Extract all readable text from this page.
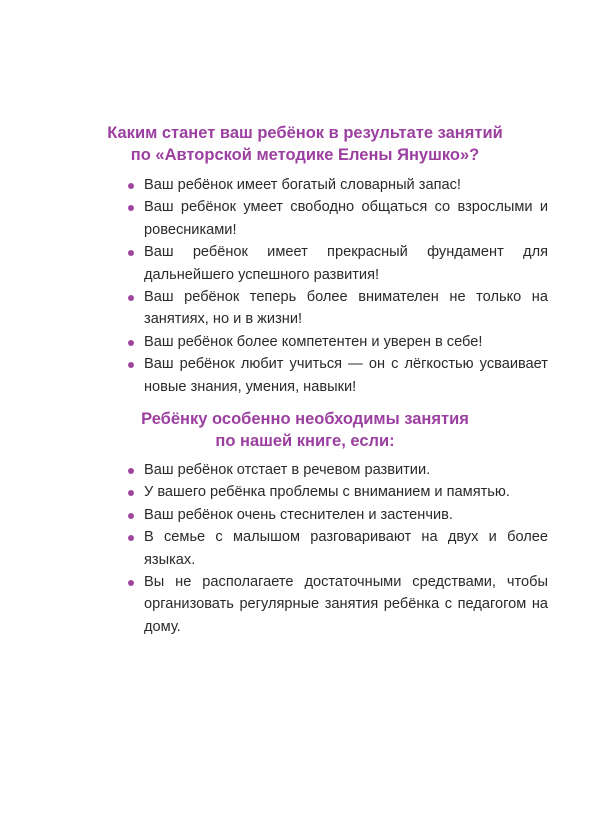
Каким станет ваш ребёнок в результате занятий
по «Авторской методике Елены Янушко»?
Ваш ребёнок имеет богатый словарный запас!
Ваш ребёнок умеет свободно общаться со взрослыми и ровесниками!
Ваш ребёнок имеет прекрасный фундамент для дальнейшего успешного развития!
Ваш ребёнок теперь более внимателен не только на занятиях, но и в жизни!
Ваш ребёнок более компетентен и уверен в себе!
Ваш ребёнок любит учиться — он с лёгкостью усваивает новые знания, умения, навыки!
Ребёнку особенно необходимы занятия
по нашей книге, если:
Ваш ребёнок отстает в речевом развитии.
У вашего ребёнка проблемы с вниманием и памятью.
Ваш ребёнок очень стеснителен и застенчив.
В семье с малышом разговаривают на двух и более языках.
Вы не располагаете достаточными средствами, чтобы организовать регулярные занятия ребёнка с педагогом на дому.
